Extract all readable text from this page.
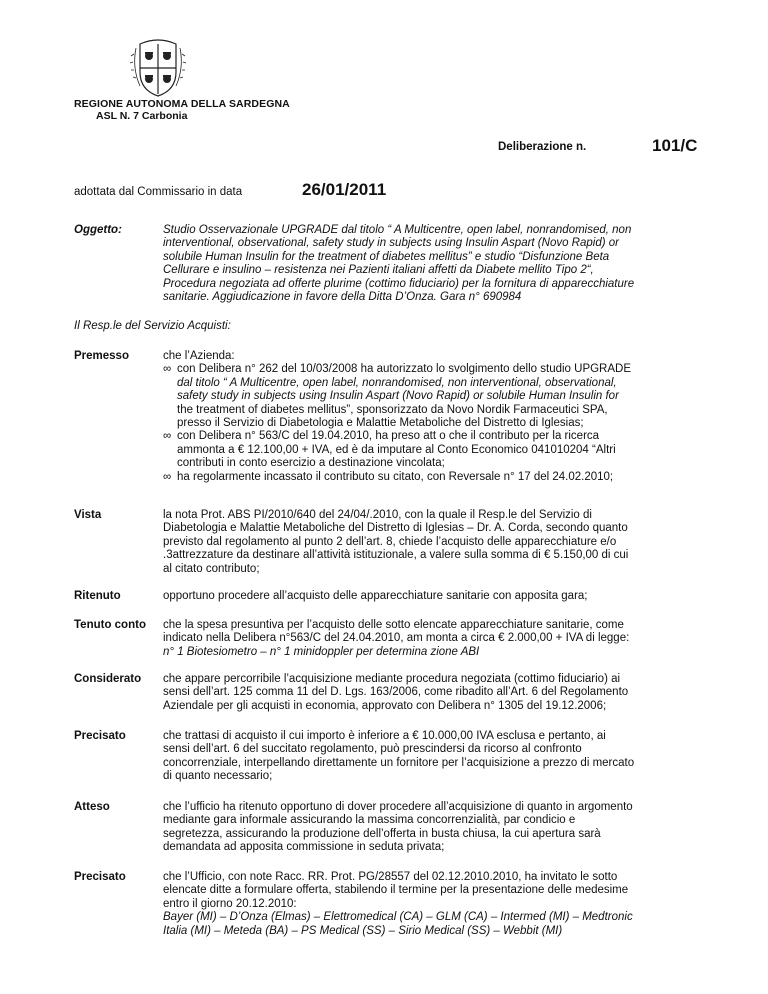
REGIONE AUTONOMA DELLA SARDEGNA
ASL N. 7 Carbonia
Deliberazione n.	101/C
adottata dal Commissario in data	26/01/2011
Oggetto:	Studio Osservazionale UPGRADE dal titolo “ A Multicentre, open label, nonrandomised, non
interventional, observational, safety study in subjects using Insulin Aspart (Novo Rapid) or
solubile Human Insulin for the treatment of diabetes mellitus” e studio “Disfunzione Beta
Cellurare e insulino – resistenza nei Pazienti italiani affetti da Diabete mellito Tipo 2“,
Procedura negoziata ad offerte plurime (cottimo fiduciario) per la fornitura di apparecchiature
sanitarie. Aggiudicazione in favore della Ditta D’Onza. Gara n° 690984
Il Resp.le del Servizio Acquisti:
Premesso	che l’Azienda:
∞ con Delibera n° 262 del 10/03/2008 ha autorizzato lo svolgimento dello studio UPGRADE
dal titolo “ A Multicentre, open label, nonrandomised, non interventional, observational,
safety study in subjects using Insulin Aspart (Novo Rapid) or solubile Human Insulin for
the treatment of diabetes mellitus”, sponsorizzato da Novo Nordik Farmaceutici SPA,
presso il Servizio di Diabetologia e Malattie Metaboliche del Distretto di Iglesias;
∞ con Delibera n° 563/C del 19.04.2010, ha preso att o che il contributo per la ricerca
ammonta a € 12.100,00 + IVA, ed è da imputare al Conto Economico 041010204 “Altri
contributi in conto esercizio a destinazione vincolata;
∞ ha regolarmente incassato il contributo su citato, con Reversale n° 17 del 24.02.2010;
Vista	la nota Prot. ABS PI/2010/640 del 24/04/.2010, con la quale il Resp.le del Servizio di
Diabetologia e Malattie Metaboliche del Distretto di Iglesias – Dr. A. Corda, secondo quanto
previsto dal regolamento al punto 2 dell’art. 8, chiede l’acquisto delle apparecchiature e/o
.3attrezzature da destinare all’attività istituzionale, a valere sulla somma di € 5.150,00 di cui
al citato contributo;
Ritenuto	opportuno procedere all’acquisto delle apparecchiature sanitarie con apposita gara;
Tenuto conto che la spesa presuntiva per l’acquisto delle sotto elencate apparecchiature sanitarie, come
indicato nella Delibera n°563/C del 24.04.2010, am monta a circa € 2.000,00 + IVA di legge:
n° 1 Biotesiometro – n° 1 minidoppler per determina zione ABI
Considerato che appare percorribile l’acquisizione mediante procedura negoziata (cottimo fiduciario) ai
sensi dell’art. 125 comma 11 del D. Lgs. 163/2006, come ribadito all’Art. 6 del Regolamento
Aziendale per gli acquisti in economia, approvato con Delibera n° 1305 del 19.12.2006;
Precisato	che trattasi di acquisto il cui importo è inferiore a € 10.000,00 IVA esclusa e pertanto, ai
sensi dell’art. 6 del succitato regolamento, può prescindersi da ricorso al confronto
concorrenziale, interpellando direttamente un fornitore per l’acquisizione a prezzo di mercato
di quanto necessario;
Atteso	che l’ufficio ha ritenuto opportuno di dover procedere all’acquisizione di quanto in argomento
mediante gara informale assicurando la massima concorrenzialità, par condicio e
segretezza, assicurando la produzione dell’offerta in busta chiusa, la cui apertura sarà
demandata ad apposita commissione in seduta privata;
Precisato	che l’Ufficio, con note Racc. RR. Prot. PG/28557 del 02.12.2010.2010, ha invitato le sotto
elencate ditte a formulare offerta, stabilendo il termine per la presentazione delle medesime
entro il giorno 20.12.2010:
Bayer (MI) – D’Onza (Elmas) – Elettromedical (CA) – GLM (CA) – Intermed (MI) – Medtronic
Italia (MI) – Meteda (BA) – PS Medical (SS) – Sirio Medical (SS) – Webbit (MI)
